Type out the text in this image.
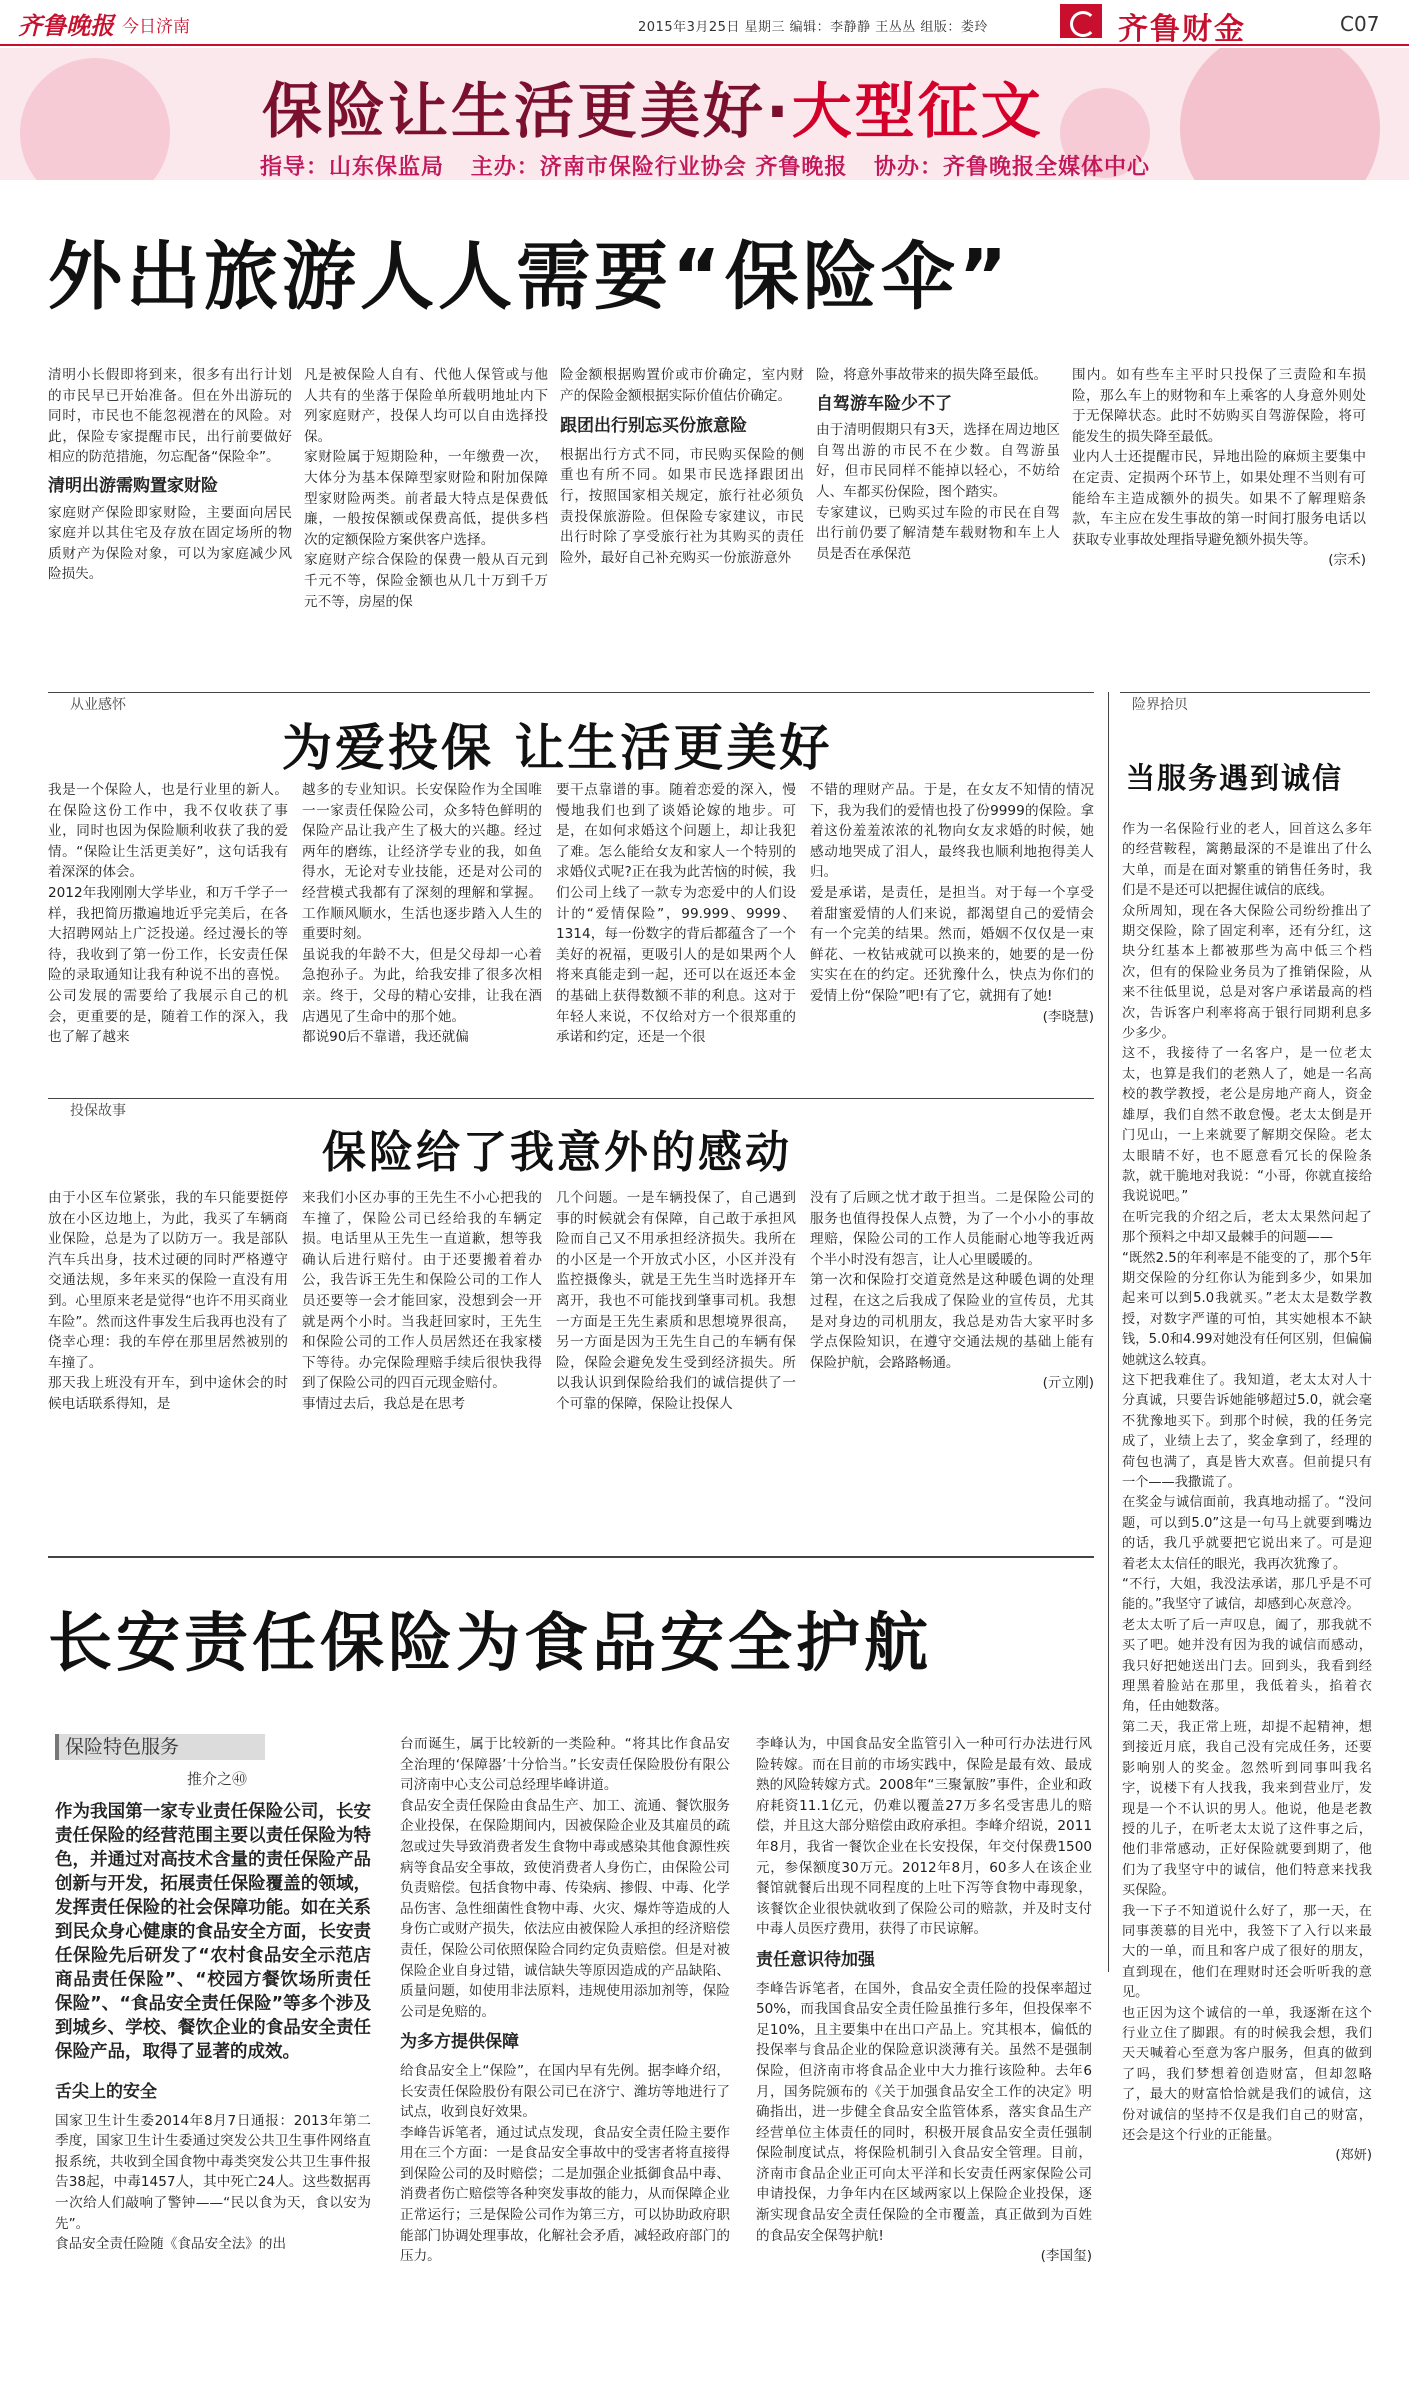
齐鲁晚报 今日济南	2015年3月25日 星期三 编辑：李静静 王丛丛 组版：娄玲	齐鲁财金	C07
保险让生活更美好·大型征文
指导：山东保监局 主办：济南市保险行业协会 齐鲁晚报 协办：齐鲁晚报全媒体中心
外出旅游人人需要“保险伞”
清明小长假即将到来，很多有出行计划的市民早已开始准备。但在外出游玩的同时，市民也不能忽视潜在的风险。对此，保险专家提醒市民，出行前要做好相应的防范措施，勿忘配备“保险伞”。
清明出游需购置家财险
家庭财产保险即家财险，主要面向居民家庭并以其住宅及存放在固定场所的物质财产为保险对象，可以为家庭减少风险损失。
凡是被保险人自有、代他人保管或与他人共有的坐落于保险单所载明地址内下列家庭财产，投保人均可以自由选择投保。
家财险属于短期险种，一年缴费一次，大体分为基本保障型家财险和附加保障型家财险两类。前者最大特点是保费低廉，一般按保额或保费高低，提供多档次的定额保险方案供客户选择。
家庭财产综合保险的保费一般从百元到千元不等，保险金额也从几十万到千万元不等，房屋的保
险金额根据购置价或市价确定，室内财产的保险金额根据实际价值估价确定。
跟团出行别忘买份旅意险
根据出行方式不同，市民购买保险的侧重也有所不同。如果市民选择跟团出行，按照国家相关规定，旅行社必须负责投保旅游险。但保险专家建议，市民出行时除了享受旅行社为其购买的责任险外，最好自己补充购买一份旅游意外
险，将意外事故带来的损失降至最低。
自驾游车险少不了
由于清明假期只有3天，选择在周边地区自驾出游的市民不在少数。自驾游虽好，但市民同样不能掉以轻心，不妨给人、车都买份保险，图个踏实。
专家建议，已购买过车险的市民在自驾出行前仍要了解清楚车载财物和车上人员是否在承保范
围内。如有些车主平时只投保了三责险和车损险，那么车上的财物和车上乘客的人身意外则处于无保障状态。此时不妨购买自驾游保险，将可能发生的损失降至最低。
业内人士还提醒市民，异地出险的麻烦主要集中在定责、定损两个环节上，如果处理不当则有可能给车主造成额外的损失。如果不了解理赔条款，车主应在发生事故的第一时间打服务电话以获取专业事故处理指导避免额外损失等。
(宗禾)
从业感怀
为爱投保 让生活更美好
我是一个保险人，也是行业里的新人。在保险这份工作中，我不仅收获了事业，同时也因为保险顺利收获了我的爱情。“保险让生活更美好”，这句话我有着深深的体会。
2012年我刚刚大学毕业，和万千学子一样，我把简历撒遍地近乎完美后，在各大招聘网站上广泛投递。经过漫长的等待，我收到了第一份工作，长安责任保险的录取通知让我有种说不出的喜悦。公司发展的需要给了我展示自己的机会，更重要的是，随着工作的深入，我也了解了越来
越多的专业知识。长安保险作为全国唯一一家责任保险公司，众多特色鲜明的保险产品让我产生了极大的兴趣。经过两年的磨练，让经济学专业的我，如鱼得水，无论对专业技能，还是对公司的经营模式我都有了深刻的理解和掌握。工作顺风顺水，生活也逐步踏入人生的重要时刻。
虽说我的年龄不大，但是父母却一心着急抱孙子。为此，给我安排了很多次相亲。终于，父母的精心安排，让我在酒店遇见了生命中的那个她。
都说90后不靠谱，我还就偏
要干点靠谱的事。随着恋爱的深入，慢慢地我们也到了谈婚论嫁的地步。可是，在如何求婚这个问题上，却让我犯了难。怎么能给女友和家人一个特别的求婚仪式呢?正在我为此苦恼的时候，我们公司上线了一款专为恋爱中的人们设计的“爱情保险”，99.999、9999、1314，每一份数字的背后都蕴含了一个美好的祝福，更吸引人的是如果两个人将来真能走到一起，还可以在返还本金的基础上获得数额不菲的利息。这对于年轻人来说，不仅给对方一个很郑重的承诺和约定，还是一个很
不错的理财产品。于是，在女友不知情的情况下，我为我们的爱情也投了份9999的保险。拿着这份羞羞浓浓的礼物向女友求婚的时候，她感动地哭成了泪人，最终我也顺利地抱得美人归。
爱是承诺，是责任，是担当。对于每一个享受着甜蜜爱情的人们来说，都渴望自己的爱情会有一个完美的结果。然而，婚姻不仅仅是一束鲜花、一枚钻戒就可以换来的，她要的是一份实实在在的约定。还犹豫什么，快点为你们的爱情上份“保险”吧!有了它，就拥有了她!
(李晓慧)
投保故事
保险给了我意外的感动
由于小区车位紧张，我的车只能要挺停放在小区边地上，为此，我买了车辆商业保险，总是为了以防万一。我是部队汽车兵出身，技术过硬的同时严格遵守交通法规，多年来买的保险一直没有用到。心里原来老是觉得“也许不用买商业车险”。然而这件事发生后我再也没有了侥幸心理：我的车停在那里居然被别的车撞了。
那天我上班没有开车，到中途休会的时候电话联系得知，是
来我们小区办事的王先生不小心把我的车撞了，保险公司已经给我的车辆定损。电话里从王先生一直道歉，想等我确认后进行赔付。由于还要搬着着办公，我告诉王先生和保险公司的工作人员还要等一会才能回家，没想到会一开就是两个小时。当我赶回家时，王先生和保险公司的工作人员居然还在我家楼下等待。办完保险理赔手续后很快我得到了保险公司的四百元现金赔付。
事情过去后，我总是在思考
几个问题。一是车辆投保了，自己遇到事的时候就会有保障，自己敢于承担风险而自己又不用承担经济损失。我所在的小区是一个开放式小区，小区并没有监控摄像头，就是王先生当时选择开车离开，我也不可能找到肇事司机。我想一方面是王先生素质和思想境界很高，另一方面是因为王先生自己的车辆有保险，保险会避免发生受到经济损失。所以我认识到保险给我们的诚信提供了一个可靠的保障，保险让投保人
没有了后顾之忧才敢于担当。二是保险公司的服务也值得投保人点赞，为了一个小小的事故理赔，保险公司的工作人员能耐心地等我近两个半小时没有怨言，让人心里暖暖的。
第一次和保险打交道竟然是这种暖色调的处理过程，在这之后我成了保险业的宣传员，尤其是对身边的司机朋友，我总是劝告大家平时多学点保险知识，在遵守交通法规的基础上能有保险护航，会路路畅通。
(亓立刚)
险界拾贝
当服务遇到诚信
作为一名保险行业的老人，回首这么多年的经营鞍程，篱鹅最深的不是谁出了什么大单，而是在面对繁重的销售任务时，我们是不是还可以把握住诚信的底线。
众所周知，现在各大保险公司纷纷推出了期交保险，除了固定利率，还有分红，这块分红基本上都被那些为高中低三个档次，但有的保险业务员为了推销保险，从来不往低里说，总是对客户承诺最高的档次，告诉客户利率将高于银行同期利息多少多少。
这不，我接待了一名客户，是一位老太太，也算是我们的老熟人了，她是一名高校的教学教授，老公是房地产商人，资金雄厚，我们自然不敢怠慢。老太太倒是开门见山，一上来就要了解期交保险。老太太眼睛不好，也不愿意看冗长的保险条款，就干脆地对我说：“小哥，你就直接给我说说吧。”
在听完我的介绍之后，老太太果然问起了那个预料之中却又最棘手的问题——
“既然2.5的年利率是不能变的了，那个5年期交保险的分红你认为能到多少，如果加起来可以到5.0我就买。”老太太是数学教授，对数字严谨的可怕，其实她根本不缺钱，5.0和4.99对她没有任何区别，但偏偏她就这么较真。
这下把我难住了。我知道，老太太对人十分真诚，只要告诉她能够超过5.0，就会毫不犹豫地买下。到那个时候，我的任务完成了，业绩上去了，奖金拿到了，经理的荷包也满了，真是皆大欢喜。但前提只有一个——我撒谎了。
在奖金与诚信面前，我真地动摇了。“没问题，可以到5.0”这是一句马上就要到嘴边的话，我几乎就要把它说出来了。可是迎着老太太信任的眼光，我再次犹豫了。
“不行，大姐，我没法承诺，那几乎是不可能的。”我坚守了诚信，却感到心灰意冷。
老太太听了后一声叹息，阖了，那我就不买了吧。她并没有因为我的诚信而感动，我只好把她送出门去。回到头，我看到经理黑着脸站在那里，我低着头，掐着衣角，任由她数落。
第二天，我正常上班，却提不起精神，想到接近月底，我自己没有完成任务，还要影响别人的奖金。忽然听到同事叫我名字，说楼下有人找我，我来到营业厅，发现是一个不认识的男人。他说，他是老教授的儿子，在听老太太说了这件事之后，他们非常感动，正好保险就要到期了，他们为了我坚守中的诚信，他们特意来找我买保险。
我一下子不知道说什么好了，那一天，在同事羡慕的目光中，我签下了入行以来最大的一单，而且和客户成了很好的朋友，直到现在，他们在理财时还会听听我的意见。
也正因为这个诚信的一单，我逐渐在这个行业立住了脚跟。有的时候我会想，我们天天喊着心至意为客户服务，但真的做到了吗，我们梦想着创造财富，但却忽略了，最大的财富恰恰就是我们的诚信，这份对诚信的坚持不仅是我们自己的财富，还会是这个行业的正能量。
(郑妍)
长安责任保险为食品安全护航
保险特色服务
推介之㊵
作为我国第一家专业责任保险公司，长安责任保险的经营范围主要以责任保险为特色，并通过对高技术含量的责任保险产品创新与开发，拓展责任保险覆盖的领域，发挥责任保险的社会保障功能。如在关系到民众身心健康的食品安全方面，长安责任保险先后研发了“农村食品安全示范店商品责任保险”、“校园方餐饮场所责任保险”、“食品安全责任保险”等多个涉及到城乡、学校、餐饮企业的食品安全责任保险产品，取得了显著的成效。
舌尖上的安全
国家卫生计生委2014年8月7日通报：2013年第二季度，国家卫生计生委通过突发公共卫生事件网络直报系统，共收到全国食物中毒类突发公共卫生事件报告38起，中毒1457人，其中死亡24人。这些数据再一次给人们敲响了警钟——“民以食为天，食以安为先”。
食品安全责任险随《食品安全法》的出
台而诞生，属于比较新的一类险种。“将其比作食品安全治理的‘保障器’十分恰当。”长安责任保险股份有限公司济南中心支公司总经理毕峰讲道。
食品安全责任保险由食品生产、加工、流通、餐饮服务企业投保，在保险期间内，因被保险企业及其雇员的疏忽或过失导致消费者发生食物中毒或感染其他食源性疾病等食品安全事故，致使消费者人身伤亡，由保险公司负责赔偿。包括食物中毒、传染病、掺假、中毒、化学品伤害、急性细菌性食物中毒、火灾、爆炸等造成的人身伤亡或财产损失，依法应由被保险人承担的经济赔偿责任，保险公司依照保险合同约定负责赔偿。但是对被保险企业自身过错，诚信缺失等原因造成的产品缺陷、质量问题，如使用非法原料，违规使用添加剂等，保险公司是免赔的。
为多方提供保障
给食品安全上“保险”，在国内早有先例。据李峰介绍，长安责任保险股份有限公司已在济宁、潍坊等地进行了试点，收到良好效果。
李峰告诉笔者，通过试点发现，食品安全责任险主要作用在三个方面：一是食品安全事故中的受害者将直接得到保险公司的及时赔偿；二是加强企业抵御食品中毒、消费者伤亡赔偿等各种突发事故的能力，从而保障企业正常运行；三是保险公司作为第三方，可以协助政府职能部门协调处理事故，化解社会矛盾，减轻政府部门的压力。
李峰认为，中国食品安全监管引入一种可行办法进行风险转嫁。而在目前的市场实践中，保险是最有效、最成熟的风险转嫁方式。2008年“三聚氰胺”事件，企业和政府耗资11.1亿元，仍难以覆盖27万多名受害患儿的赔偿，并且这大部分赔偿由政府承担。李峰介绍说，2011年8月，我省一餐饮企业在长安投保，年交付保费1500元，参保额度30万元。2012年8月，60多人在该企业餐馆就餐后出现不同程度的上吐下泻等食物中毒现象，该餐饮企业很快就收到了保险公司的赔款，并及时支付中毒人员医疗费用，获得了市民谅解。
责任意识待加强
李峰告诉笔者，在国外，食品安全责任险的投保率超过50%，而我国食品安全责任险虽推行多年，但投保率不足10%，且主要集中在出口产品上。究其根本，偏低的投保率与食品企业的保险意识淡薄有关。虽然不是强制保险，但济南市将食品企业中大力推行该险种。去年6月，国务院颁布的《关于加强食品安全工作的决定》明确指出，进一步健全食品安全监管体系，落实食品生产经营单位主体责任的同时，积极开展食品安全责任强制保险制度试点，将保险机制引入食品安全管理。目前，济南市食品企业正可向太平洋和长安责任两家保险公司申请投保，力争年内在区域两家以上保险企业投保，逐渐实现食品安全责任保险的全市覆盖，真正做到为百姓的食品安全保驾护航!
(李国玺)
